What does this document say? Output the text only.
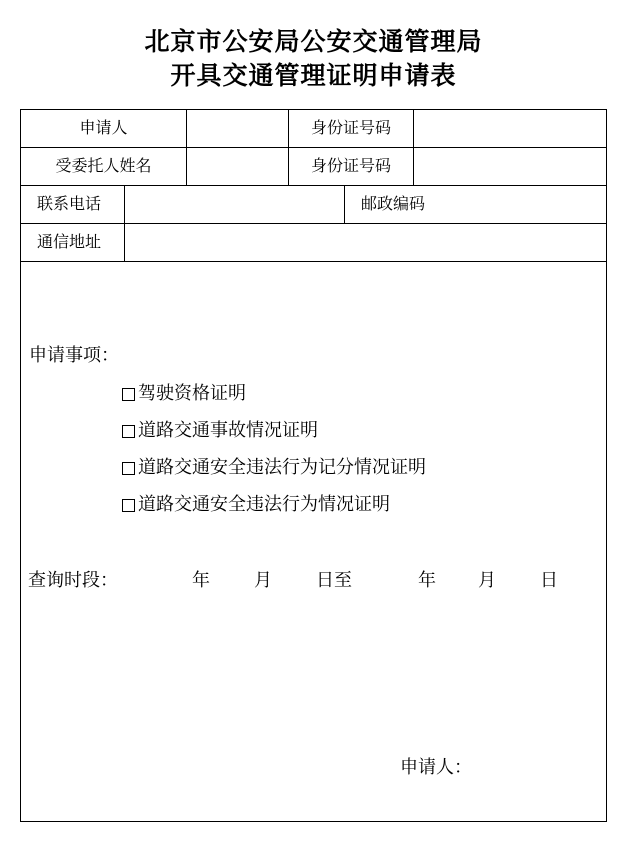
北京市公安局公安交通管理局
开具交通管理证明申请表
申请人	身份证号码
受委托人姓名	身份证号码
联系电话	邮政编码
通信地址
申请事项：
驾驶资格证明
道路交通事故情况证明
道路交通安全违法行为记分情况证明
道路交通安全违法行为情况证明
查询时段：	年 月 日至	年 月 日
申请人：
